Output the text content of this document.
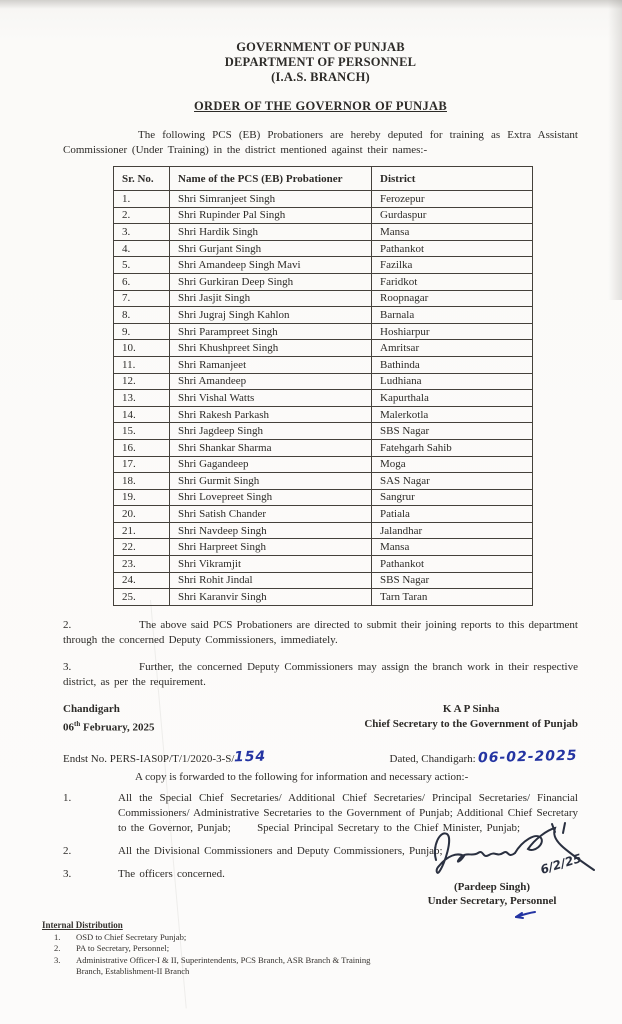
GOVERNMENT OF PUNJAB
DEPARTMENT OF PERSONNEL
(I.A.S. BRANCH)
ORDER OF THE GOVERNOR OF PUNJAB

The following PCS (EB) Probationers are hereby deputed for training as Extra Assistant Commissioner (Under Training) in the district mentioned against their names:-

Sr. No.	Name of the PCS (EB) Probationer	District
1.	Shri Simranjeet Singh	Ferozepur
2.	Shri Rupinder Pal Singh	Gurdaspur
3.	Shri Hardik Singh	Mansa
4.	Shri Gurjant Singh	Pathankot
5.	Shri Amandeep Singh Mavi	Fazilka
6.	Shri Gurkiran Deep Singh	Faridkot
7.	Shri Jasjit Singh	Roopnagar
8.	Shri Jugraj Singh Kahlon	Barnala
9.	Shri Parampreet Singh	Hoshiarpur
10.	Shri Khushpreet Singh	Amritsar
11.	Shri Ramanjeet	Bathinda
12.	Shri Amandeep	Ludhiana
13.	Shri Vishal Watts	Kapurthala
14.	Shri Rakesh Parkash	Malerkotla
15.	Shri Jagdeep Singh	SBS Nagar
16.	Shri Shankar Sharma	Fatehgarh Sahib
17.	Shri Gagandeep	Moga
18.	Shri Gurmit Singh	SAS Nagar
19.	Shri Lovepreet Singh	Sangrur
20.	Shri Satish Chander	Patiala
21.	Shri Navdeep Singh	Jalandhar
22.	Shri Harpreet Singh	Mansa
23.	Shri Vikramjit	Pathankot
24.	Shri Rohit Jindal	SBS Nagar
25.	Shri Karanvir Singh	Tarn Taran

2.	The above said PCS Probationers are directed to submit their joining reports to this department through the concerned Deputy Commissioners, immediately.

3.	Further, the concerned Deputy Commissioners may assign the branch work in their respective district, as per the requirement.

Chandigarh
06th February, 2025
K A P Sinha
Chief Secretary to the Government of Punjab
Endst No. PERS-IAS0P/T/1/2020-3-S/154	Dated, Chandigarh: 06-02-2025
A copy is forwarded to the following for information and necessary action:-
1.	All the Special Chief Secretaries/ Additional Chief Secretaries/ Principal Secretaries/ Financial Commissioners/ Administrative Secretaries to the Government of Punjab; Additional Chief Secretary to the Governor, Punjab;   Special Principal Secretary to the Chief Minister, Punjab;
2.	All the Divisional Commissioners and Deputy Commissioners, Punjab;
3.	The officers concerned.	6/2/25
(Pardeep Singh)
Under Secretary, Personnel
Internal Distribution
1. OSD to Chief Secretary Punjab;
2. PA to Secretary, Personnel;
3. Administrative Officer-I & II, Superintendents, PCS Branch, ASR Branch & Training Branch, Establishment-II Branch
